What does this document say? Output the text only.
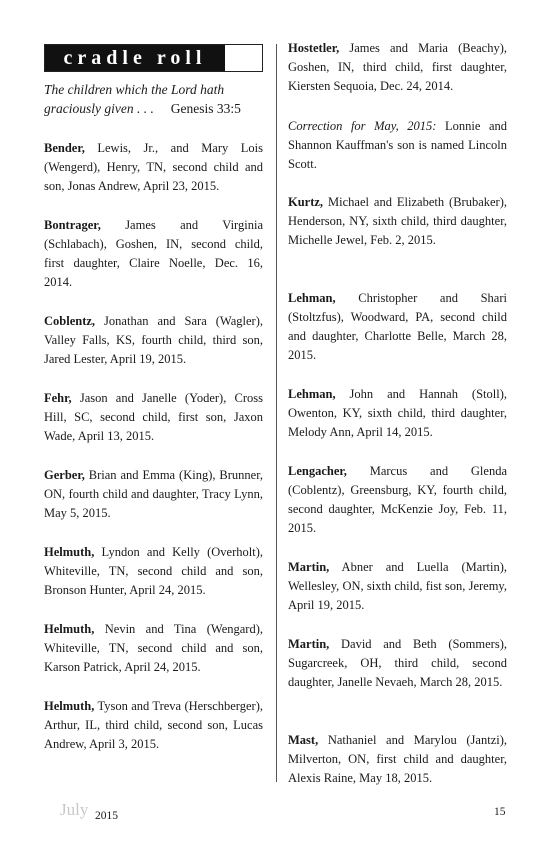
cradle roll
The children which the Lord hath graciously given . . . Genesis 33:5

Bender, Lewis, Jr., and Mary Lois (Wengerd), Henry, TN, second child and son, Jonas Andrew, April 23, 2015.

Bontrager, James and Virginia (Schlabach), Goshen, IN, second child, first daughter, Claire Noelle, Dec. 16, 2014.

Coblentz, Jonathan and Sara (Wagler), Valley Falls, KS, fourth child, third son, Jared Lester, April 19, 2015.

Fehr, Jason and Janelle (Yoder), Cross Hill, SC, second child, first son, Jaxon Wade, April 13, 2015.

Gerber, Brian and Emma (King), Brunner, ON, fourth child and daughter, Tracy Lynn, May 5, 2015.

Helmuth, Lyndon and Kelly (Overholt), Whiteville, TN, second child and son, Bronson Hunter, April 24, 2015.

Helmuth, Nevin and Tina (Wengard), Whiteville, TN, second child and son, Karson Patrick, April 24, 2015.

Helmuth, Tyson and Treva (Herschberger), Arthur, IL, third child, second son, Lucas Andrew, April 3, 2015.

Hostetler, James and Maria (Beachy), Goshen, IN, third child, first daughter, Kiersten Sequoia, Dec. 24, 2014.

Correction for May, 2015: Lonnie and Shannon Kauffman's son is named Lincoln Scott.

Kurtz, Michael and Elizabeth (Brubaker), Henderson, NY, sixth child, third daughter, Michelle Jewel, Feb. 2, 2015.

Lehman, Christopher and Shari (Stoltzfus), Woodward, PA, second child and daughter, Charlotte Belle, March 28, 2015.

Lehman, John and Hannah (Stoll), Owenton, KY, sixth child, third daughter, Melody Ann, April 14, 2015.

Lengacher, Marcus and Glenda (Coblentz), Greensburg, KY, fourth child, second daughter, McKenzie Joy, Feb. 11, 2015.

Martin, Abner and Luella (Martin), Wellesley, ON, sixth child, fist son, Jeremy, April 19, 2015.

Martin, David and Beth (Sommers), Sugarcreek, OH, third child, second daughter, Janelle Nevaeh, March 28, 2015.

Mast, Nathaniel and Marylou (Jantzi), Milverton, ON, first child and daughter, Alexis Raine, May 18, 2015.

July 2015	15
